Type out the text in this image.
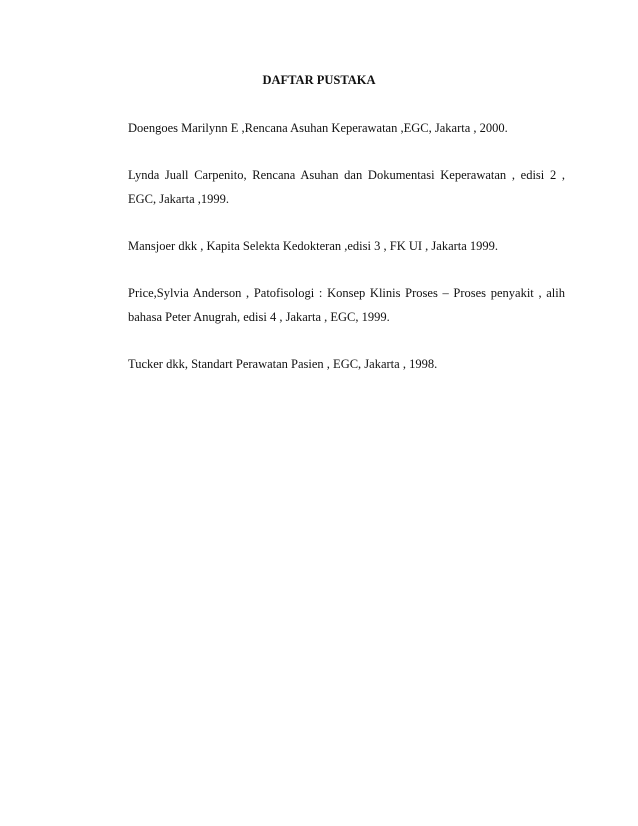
DAFTAR PUSTAKA

Doengoes Marilynn E ,Rencana Asuhan Keperawatan ,EGC, Jakarta , 2000.

Lynda Juall Carpenito, Rencana Asuhan dan Dokumentasi Keperawatan , edisi 2 , EGC, Jakarta ,1999.

Mansjoer dkk , Kapita Selekta Kedokteran ,edisi 3 , FK UI , Jakarta 1999.

Price,Sylvia Anderson , Patofisologi : Konsep Klinis Proses – Proses penyakit , alih bahasa Peter Anugrah, edisi 4 , Jakarta , EGC, 1999.

Tucker dkk, Standart Perawatan Pasien , EGC, Jakarta , 1998.
